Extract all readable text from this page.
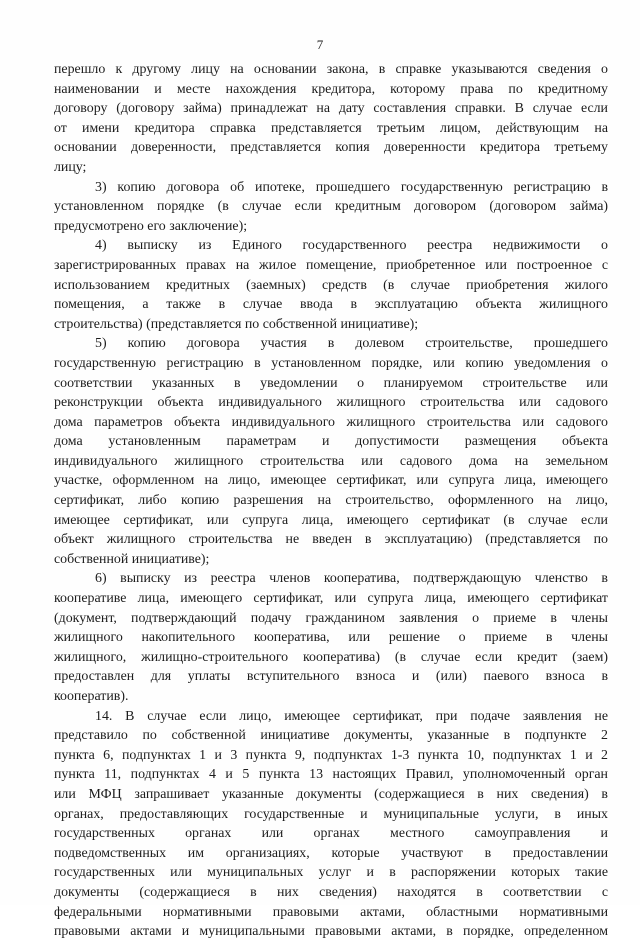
7

перешло к другому лицу на основании закона, в справке указываются сведения о
наименовании и месте нахождения кредитора, которому права по кредитному
договору (договору займа) принадлежат на дату составления справки. В случае если
от имени кредитора справка представляется третьим лицом, действующим на
основании доверенности, представляется копия доверенности кредитора третьему
лицу;
3) копию договора об ипотеке, прошедшего государственную регистрацию в
установленном порядке (в случае если кредитным договором (договором займа)
предусмотрено его заключение);
4) выписку из Единого государственного реестра недвижимости о
зарегистрированных правах на жилое помещение, приобретенное или построенное с
использованием кредитных (заемных) средств (в случае приобретения жилого
помещения, а также в случае ввода в эксплуатацию объекта жилищного
строительства) (представляется по собственной инициативе);
5) копию договора участия в долевом строительстве, прошедшего
государственную регистрацию в установленном порядке, или копию уведомления о
соответствии указанных в уведомлении о планируемом строительстве или
реконструкции объекта индивидуального жилищного строительства или садового
дома параметров объекта индивидуального жилищного строительства или садового
дома установленным параметрам и допустимости размещения объекта
индивидуального жилищного строительства или садового дома на земельном
участке, оформленном на лицо, имеющее сертификат, или супруга лица, имеющего
сертификат, либо копию разрешения на строительство, оформленного на лицо,
имеющее сертификат, или супруга лица, имеющего сертификат (в случае если
объект жилищного строительства не введен в эксплуатацию) (представляется по
собственной инициативе);
6) выписку из реестра членов кооператива, подтверждающую членство в
кооперативе лица, имеющего сертификат, или супруга лица, имеющего сертификат
(документ, подтверждающий подачу гражданином заявления о приеме в члены
жилищного накопительного кооператива, или решение о приеме в члены
жилищного, жилищно-строительного кооператива) (в случае если кредит (заем)
предоставлен для уплаты вступительного взноса и (или) паевого взноса в
кооператив).
14. В случае если лицо, имеющее сертификат, при подаче заявления не
представило по собственной инициативе документы, указанные в подпункте 2
пункта 6, подпунктах 1 и 3 пункта 9, подпунктах 1-3 пункта 10, подпунктах 1 и 2
пункта 11, подпунктах 4 и 5 пункта 13 настоящих Правил, уполномоченный орган
или МФЦ запрашивает указанные документы (содержащиеся в них сведения) в
органах, предоставляющих государственные и муниципальные услуги, в иных
государственных органах или органах местного самоуправления и
подведомственных им организациях, которые участвуют в предоставлении
государственных или муниципальных услуг и в распоряжении которых такие
документы (содержащиеся в них сведения) находятся в соответствии с
федеральными нормативными правовыми актами, областными нормативными
правовыми актами и муниципальными правовыми актами, в порядке, определенном
